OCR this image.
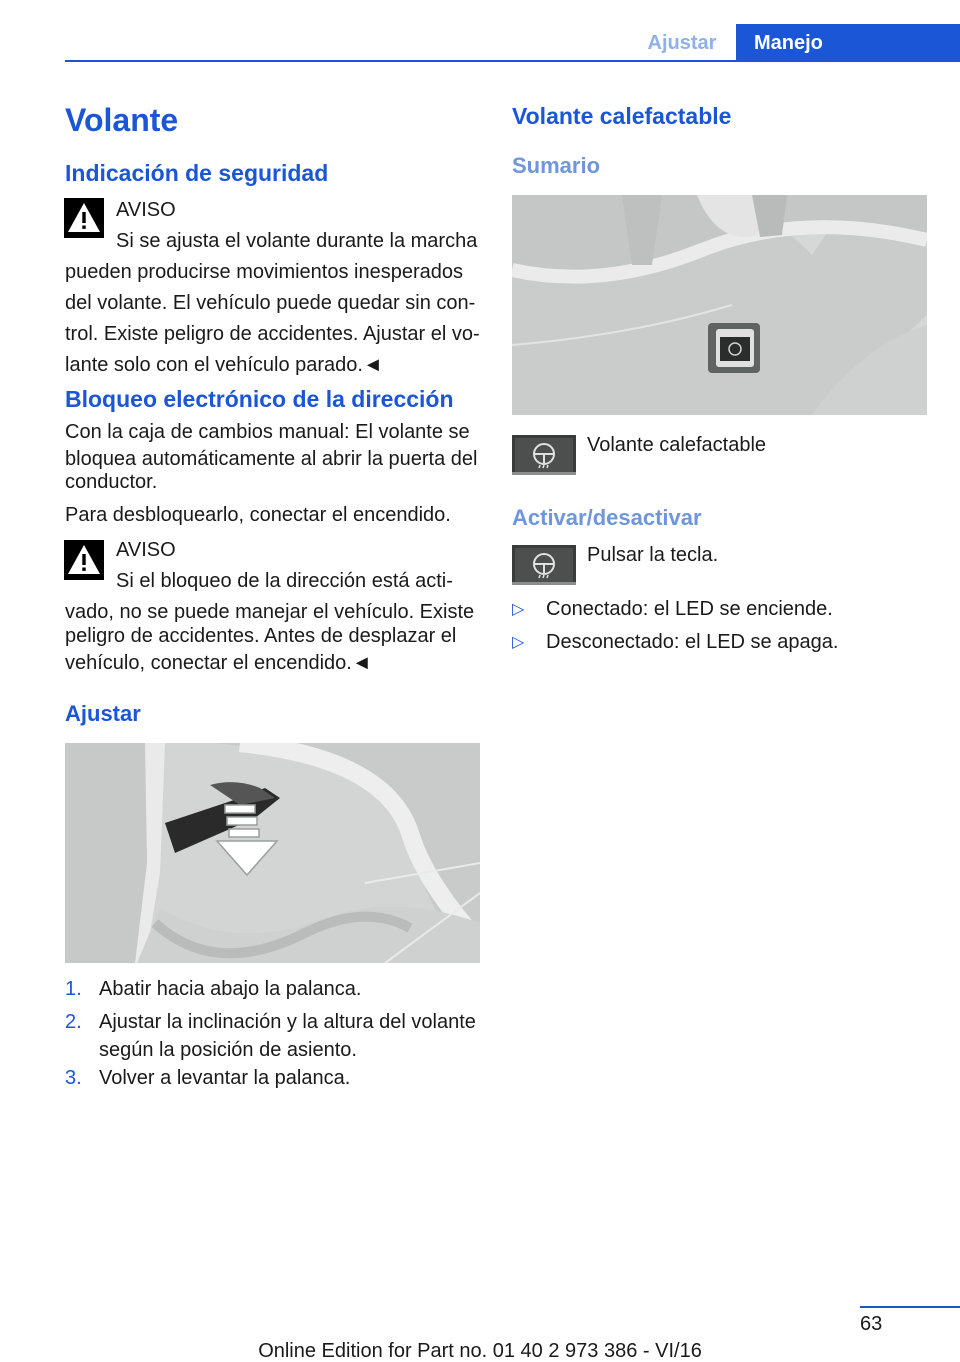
Ajustar	Manejo
Volante
Indicación de seguridad
AVISO
Si se ajusta el volante durante la marcha
pueden producirse movimientos inesperados
del volante. El vehículo puede quedar sin con‐
trol. Existe peligro de accidentes. Ajustar el vo‐
lante solo con el vehículo parado.◄
Bloqueo electrónico de la dirección
Con la caja de cambios manual: El volante se
bloquea automáticamente al abrir la puerta del
conductor.
Para desbloquearlo, conectar el encendido.
AVISO
Si el bloqueo de la dirección está acti‐
vado, no se puede manejar el vehículo. Existe
peligro de accidentes. Antes de desplazar el
vehículo, conectar el encendido.◄
Ajustar
1. Abatir hacia abajo la palanca.
2. Ajustar la inclinación y la altura del volante
según la posición de asiento.
3. Volver a levantar la palanca.
Volante calefactable
Sumario
Volante calefactable
Activar/desactivar
Pulsar la tecla.
▷ Conectado: el LED se enciende.
▷ Desconectado: el LED se apaga.
63
Online Edition for Part no. 01 40 2 973 386 - VI/16
